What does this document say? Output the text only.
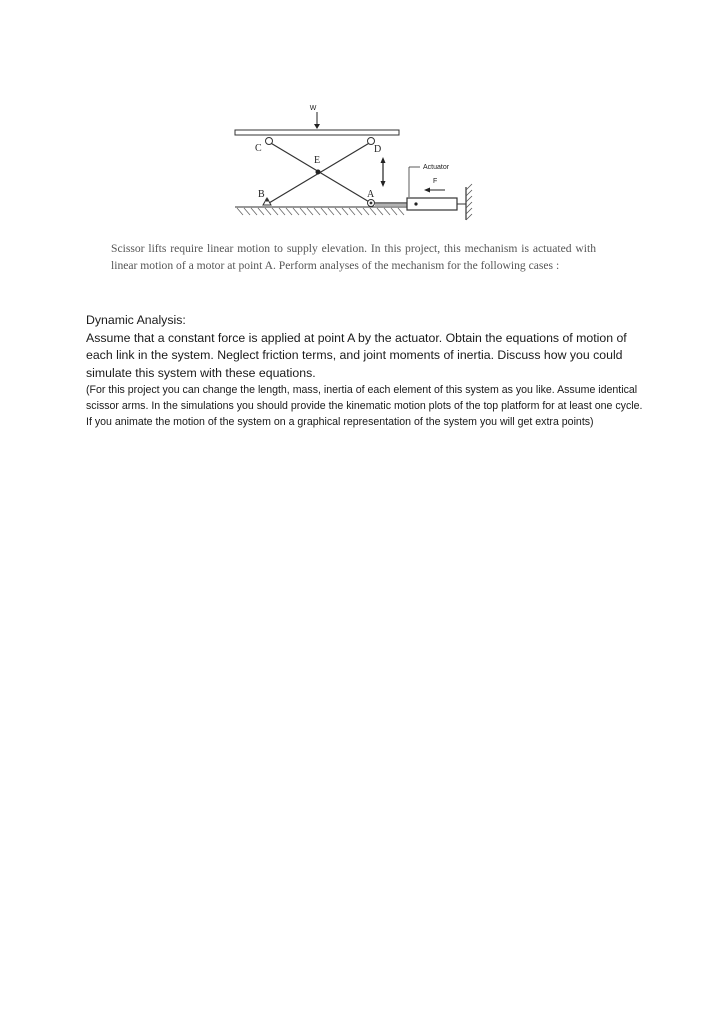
W
C	D
E
B	A
Actuator
F

Scissor lifts require linear motion to supply elevation. In this project, this mechanism is actuated with linear motion of a motor at point A. Perform analyses of the mechanism for the following cases :

Dynamic Analysis:

Assume that a constant force is applied at point A by the actuator. Obtain the equations of motion of each link in the system. Neglect friction terms, and joint moments of inertia. Discuss how you could simulate this system with these equations.

(For this project you can change the length, mass, inertia of each element of this system as you like. Assume identical scissor arms. In the simulations you should provide the kinematic motion plots of the top platform for at least one cycle. If you animate the motion of the system on a graphical representation of the system you will get extra points)
